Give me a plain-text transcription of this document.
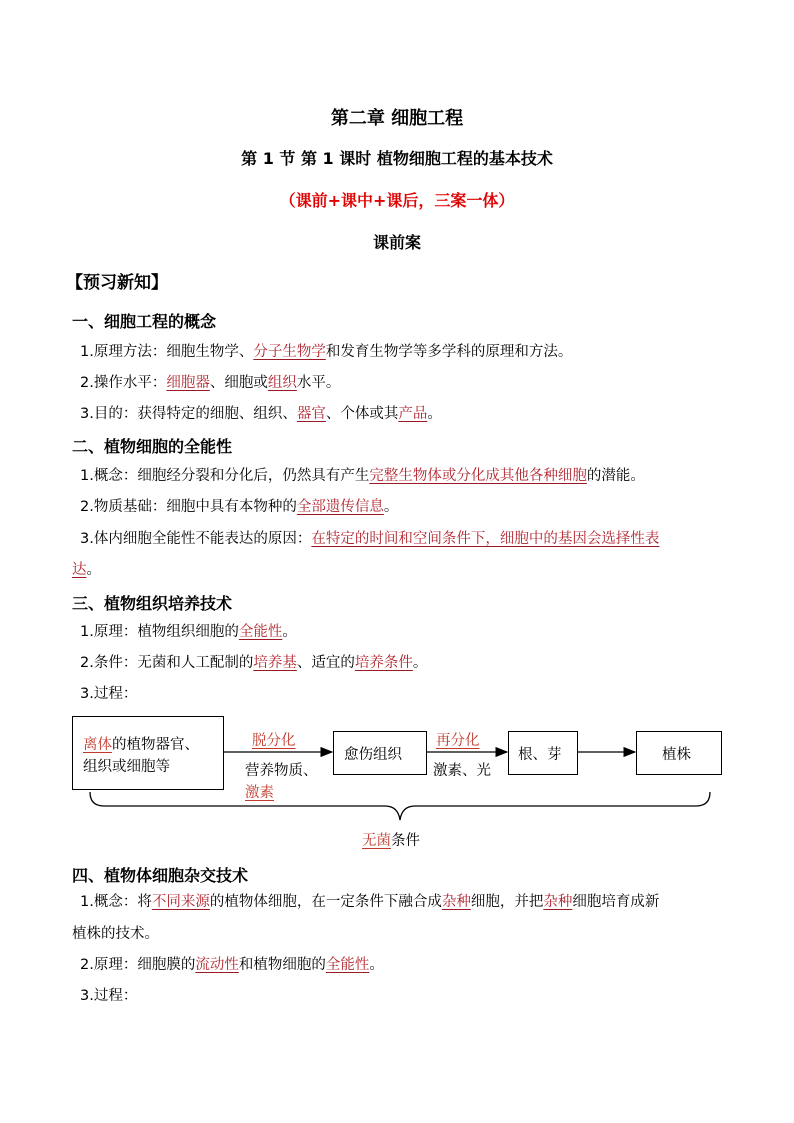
第二章 细胞工程
第 1 节 第 1 课时 植物细胞工程的基本技术
（课前+课中+课后，三案一体）
课前案
【预习新知】
一、细胞工程的概念
1.原理方法：细胞生物学、分子生物学和发育生物学等多学科的原理和方法。
2.操作水平：细胞器、细胞或组织水平。
3.目的：获得特定的细胞、组织、器官、个体或其产品。
二、植物细胞的全能性
1.概念：细胞经分裂和分化后，仍然具有产生完整生物体或分化成其他各种细胞的潜能。
2.物质基础：细胞中具有本物种的全部遗传信息。
3.体内细胞全能性不能表达的原因：在特定的时间和空间条件下，细胞中的基因会选择性表
达。
三、植物组织培养技术
1.原理：植物组织细胞的全能性。
2.条件：无菌和人工配制的培养基、适宜的培养条件。
3.过程：
离体的植物器官、
组织或细胞等
脱分化
营养物质、
激素
愈伤组织
再分化
激素、光
根、芽	植株
无菌条件
四、植物体细胞杂交技术
1.概念：将不同来源的植物体细胞，在一定条件下融合成杂种细胞，并把杂种细胞培育成新
植株的技术。
2.原理：细胞膜的流动性和植物细胞的全能性。
3.过程：
